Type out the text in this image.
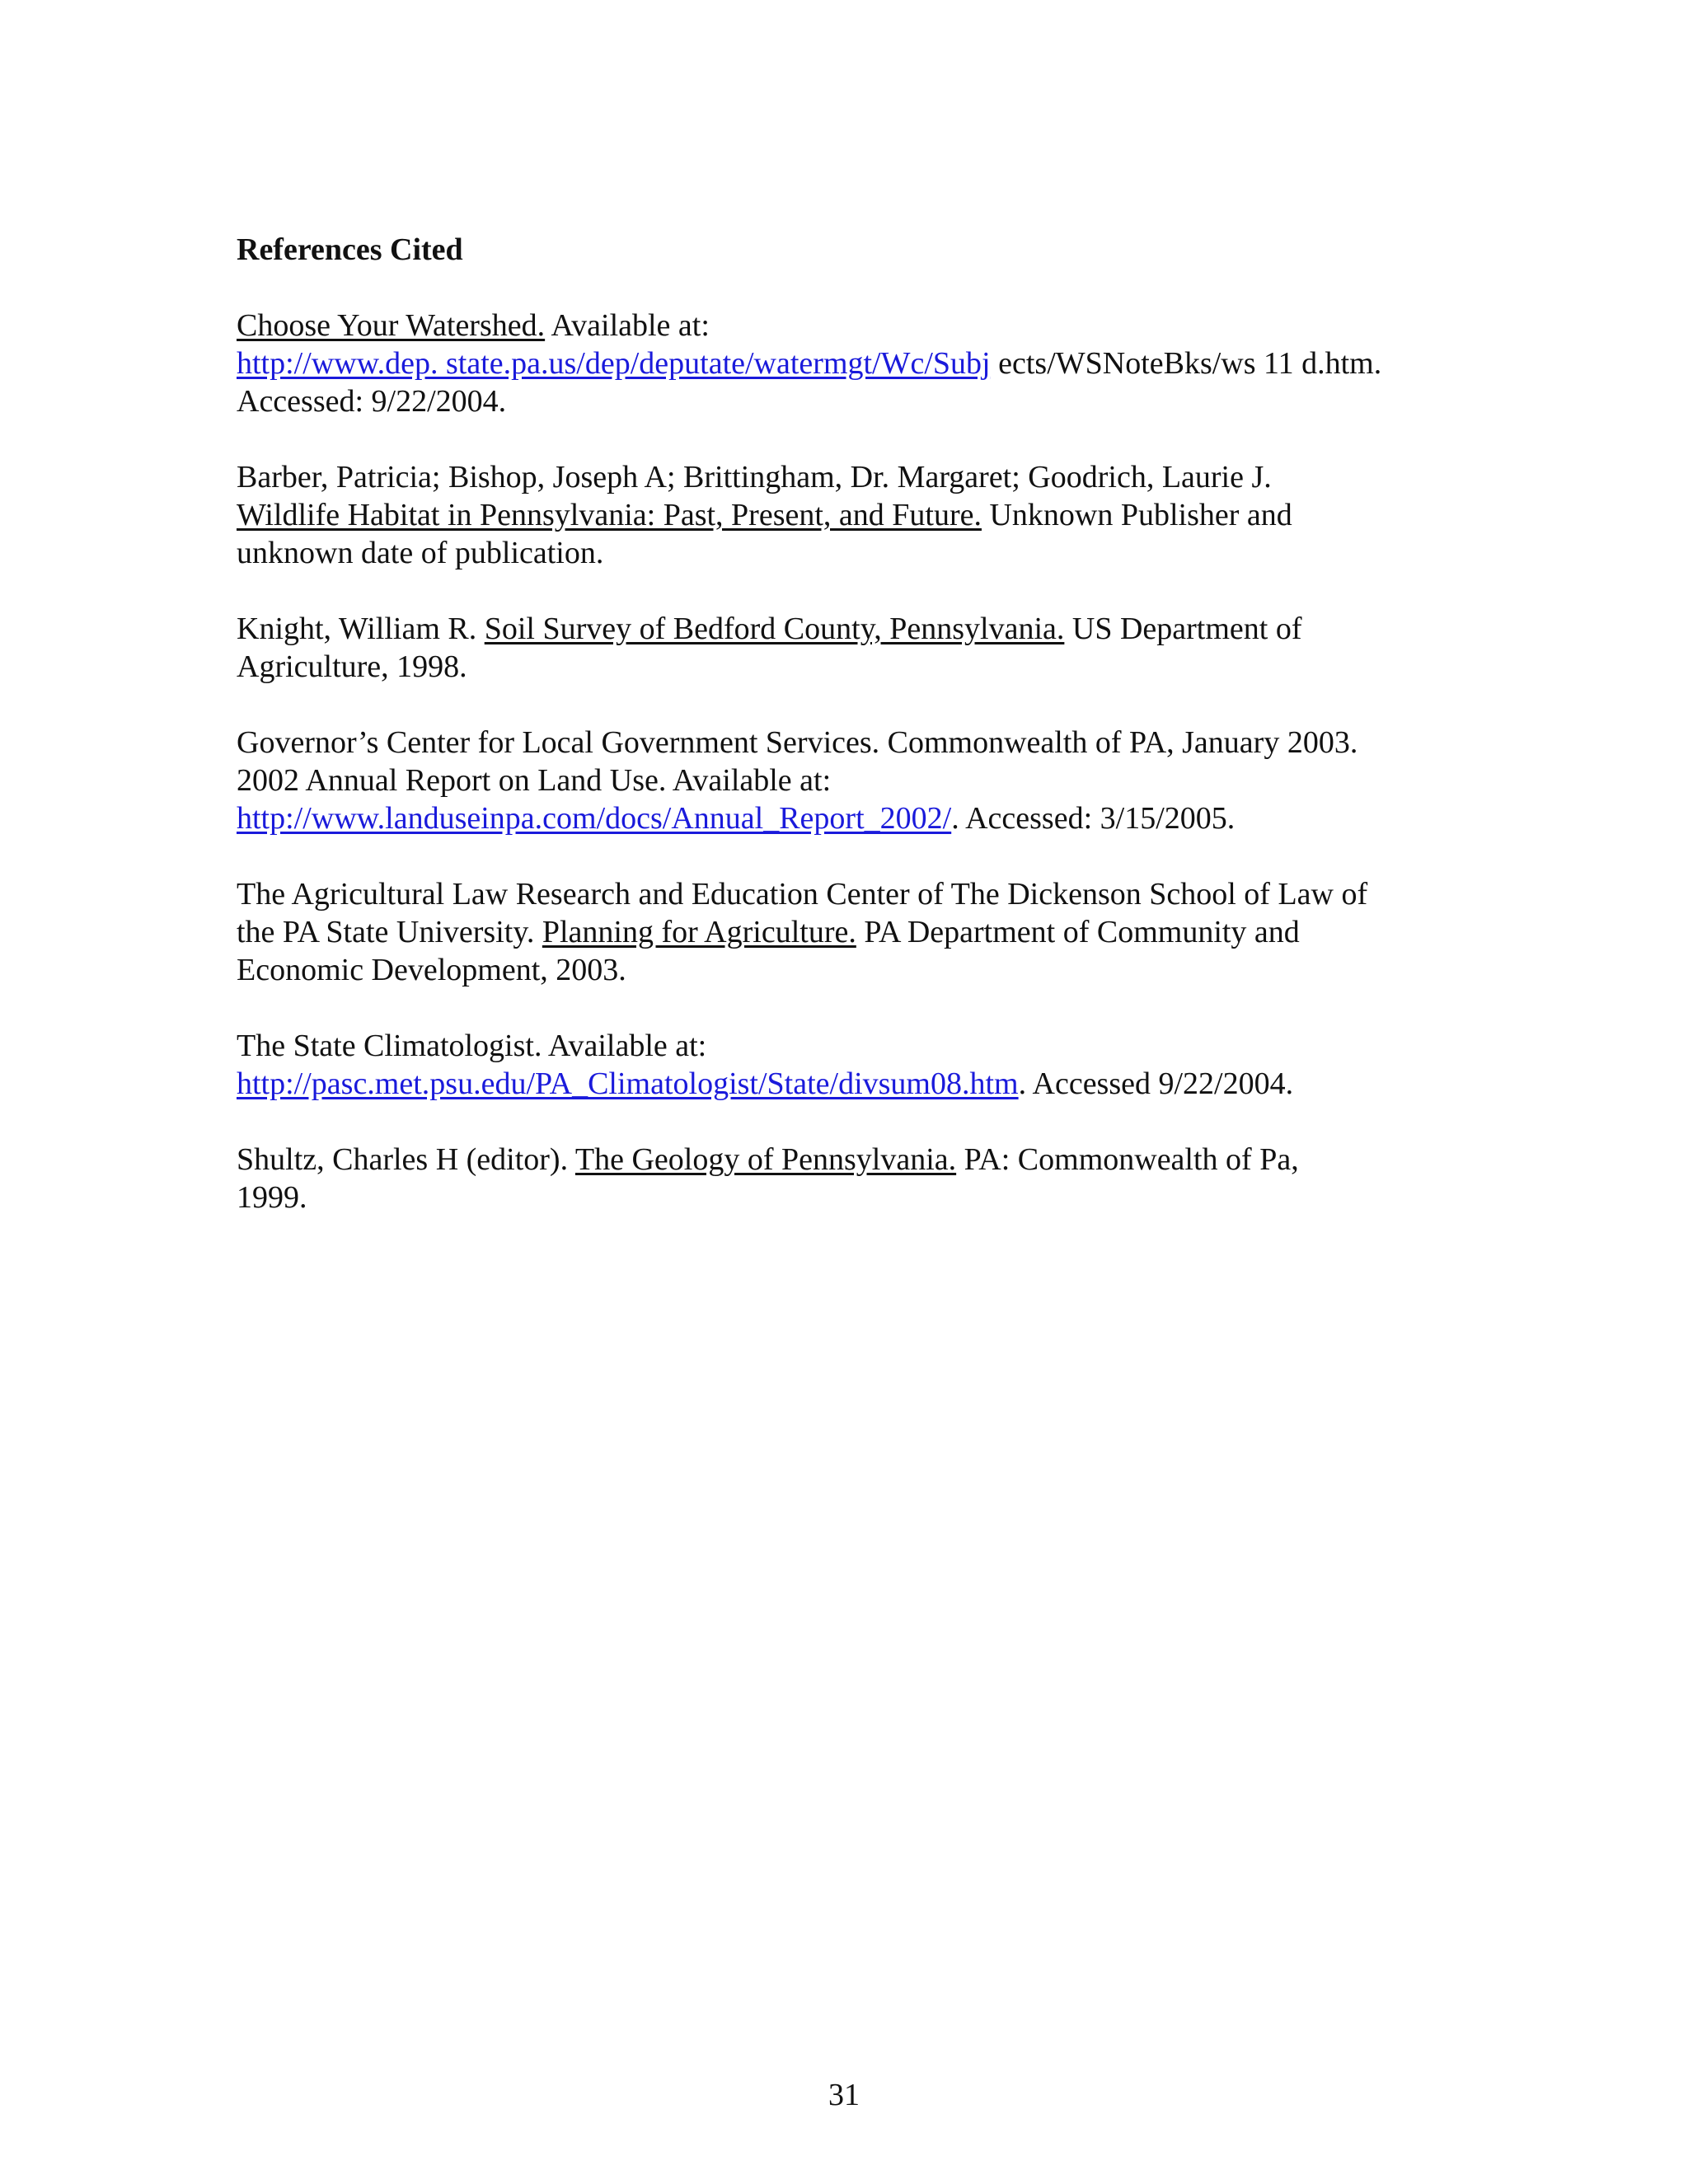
References Cited
Choose Your Watershed. Available at:
http://www.dep. state.pa.us/dep/deputate/watermgt/Wc/Subj ects/WSNoteBks/ws 11 d.htm.
Accessed: 9/22/2004.
Barber, Patricia; Bishop, Joseph A; Brittingham, Dr. Margaret; Goodrich, Laurie J.
Wildlife Habitat in Pennsylvania: Past, Present, and Future. Unknown Publisher and
unknown date of publication.
Knight, William R. Soil Survey of Bedford County, Pennsylvania. US Department of
Agriculture, 1998.
Governor’s Center for Local Government Services. Commonwealth of PA, January 2003.
2002 Annual Report on Land Use. Available at:
http://www.landuseinpa.com/docs/Annual_Report_2002/. Accessed: 3/15/2005.
The Agricultural Law Research and Education Center of The Dickenson School of Law of
the PA State University. Planning for Agriculture. PA Department of Community and
Economic Development, 2003.
The State Climatologist. Available at:
http://pasc.met.psu.edu/PA_Climatologist/State/divsum08.htm. Accessed 9/22/2004.
Shultz, Charles H (editor). The Geology of Pennsylvania. PA: Commonwealth of Pa,
1999.
31
